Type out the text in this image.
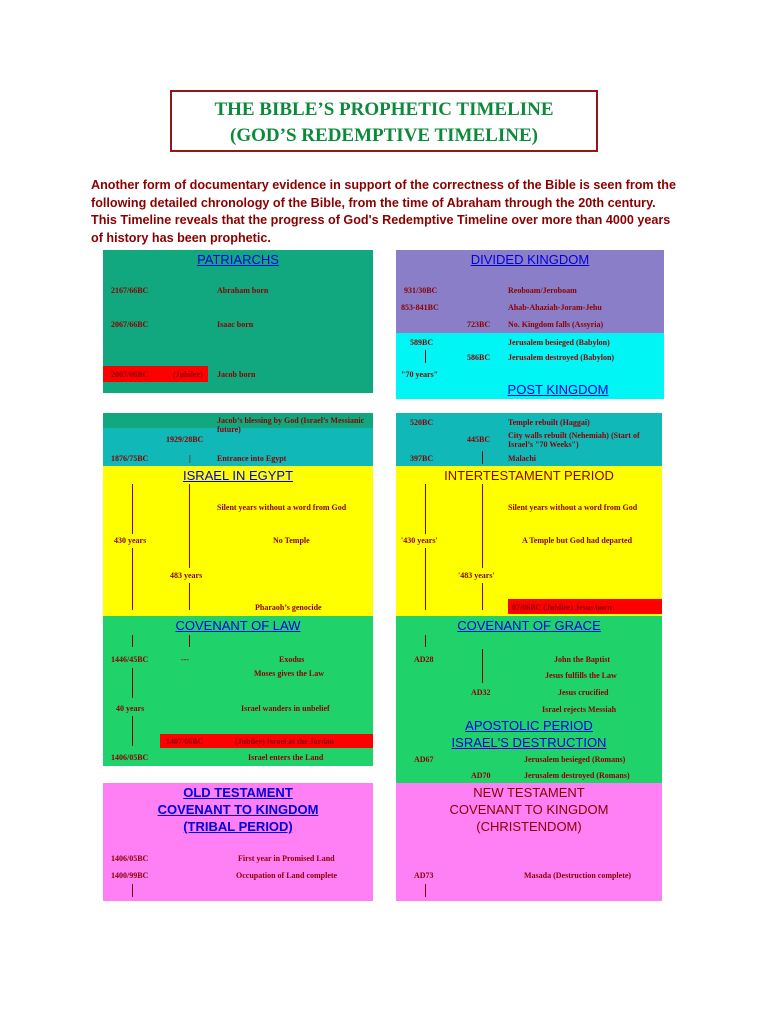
THE BIBLE’S PROPHETIC TIMELINE
(GOD’S REDEMPTIVE TIMELINE)
Another form of documentary evidence in support of the correctness of the Bible is seen from the following detailed chronology of the Bible, from the time of Abraham through the 20th century. This Timeline reveals that the progress of God's Redemptive Timeline over more than 4000 years of history has been prophetic.
PATRIARCHS
2167/66BC	Abraham born
2067/66BC	Isaac born
2007/06BC	(Jubilee) Jacob born
Jacob’s blessing by God (Israel’s Messianic future)
1929/28BC
1876/75BC	|	Entrance into Egypt
ISRAEL IN EGYPT
Silent years without a word from God
430 years	No Temple
483 years
Pharaoh’s genocide
COVENANT OF LAW
1446/45BC	---	Exodus
Moses gives the Law
40 years	Israel wanders in unbelief
1407/06BC	(Jubilee) Israel at the Jordan
1406/05BC	Israel enters the Land
OLD TESTAMENT
COVENANT TO KINGDOM
(TRIBAL PERIOD)
1406/05BC	First year in Promised Land
1400/99BC	Occupation of Land complete
DIVIDED KINGDOM
931/30BC	Reoboam/Jeroboam
853-841BC	Ahab-Ahaziah-Joram-Jehu
723BC No. Kingdom falls (Assyria)
589BC	Jerusalem besieged (Babylon)
586BC Jerusalem destroyed (Babylon)
"70 years"
POST KINGDOM
520BC	Temple rebuilt (Haggai)
City walls rebuilt (Nehemiah) (Start of Israel’s "70 Weeks")
445BC
397BC	Malachi
INTERTESTAMENT PERIOD
Silent years without a word from God
'430 years'	A Temple but God had departed
'483 years'
07/06BC (Jubilee) Jesus born
COVENANT OF GRACE
AD28	John the Baptist
Jesus fulfills the Law
AD32	Jesus crucified
Israel rejects Messiah
APOSTOLIC PERIOD
ISRAEL'S DESTRUCTION
AD67	Jerusalem besieged (Romans)
AD70	Jerusalem destroyed (Romans)
NEW TESTAMENT
COVENANT TO KINGDOM
(CHRISTENDOM)
AD73	Masada (Destruction complete)
